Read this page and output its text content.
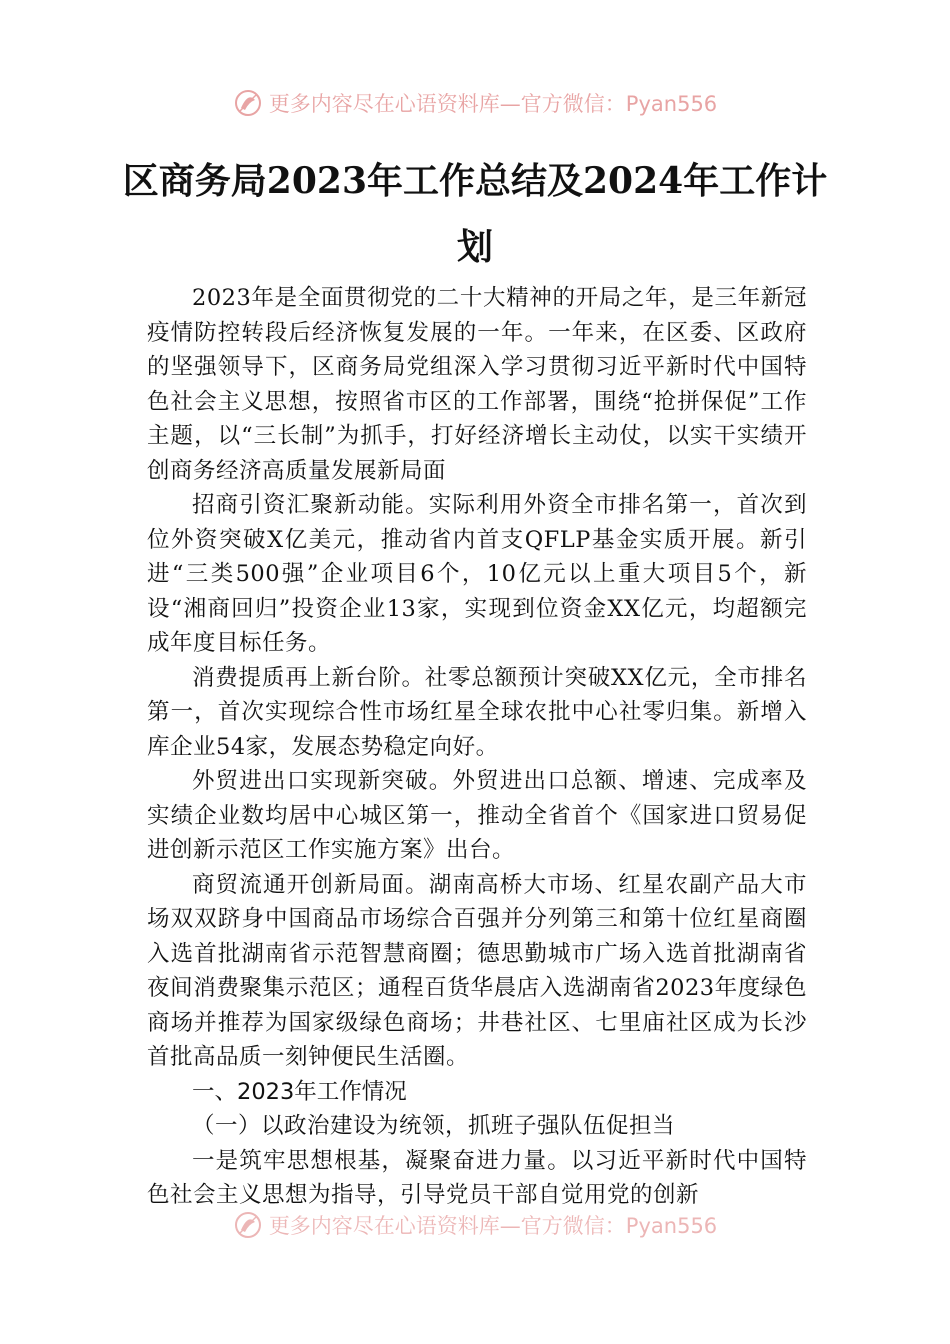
更多内容尽在心语资料库—官方微信：Pyan556
区商务局2023年工作总结及2024年工作计划

2023年是全面贯彻党的二十大精神的开局之年，是三年新冠疫情防控转段后经济恢复发展的一年。一年来，在区委、区政府的坚强领导下，区商务局党组深入学习贯彻习近平新时代中国特色社会主义思想，按照省市区的工作部署，围绕“抢拼保促”工作主题，以“三长制”为抓手，打好经济增长主动仗，以实干实绩开创商务经济高质量发展新局面

招商引资汇聚新动能。实际利用外资全市排名第一，首次到位外资突破X亿美元，推动省内首支QFLP基金实质开展。新引进“三类500强”企业项目6个，10亿元以上重大项目5个，新设“湘商回归”投资企业13家，实现到位资金XX亿元，均超额完成年度目标任务。

消费提质再上新台阶。社零总额预计突破XX亿元，全市排名第一，首次实现综合性市场红星全球农批中心社零归集。新增入库企业54家，发展态势稳定向好。

外贸进出口实现新突破。外贸进出口总额、增速、完成率及实绩企业数均居中心城区第一，推动全省首个《国家进口贸易促进创新示范区工作实施方案》出台。

商贸流通开创新局面。湖南高桥大市场、红星农副产品大市场双双跻身中国商品市场综合百强并分列第三和第十位红星商圈入选首批湖南省示范智慧商圈；德思勤城市广场入选首批湖南省夜间消费聚集示范区；通程百货华晨店入选湖南省2023年度绿色商场并推荐为国家级绿色商场；井巷社区、七里庙社区成为长沙首批高品质一刻钟便民生活圈。

一、2023年工作情况

（一）以政治建设为统领，抓班子强队伍促担当

一是筑牢思想根基，凝聚奋进力量。以习近平新时代中国特色社会主义思想为指导，引导党员干部自觉用党的创新

更多内容尽在心语资料库—官方微信：Pyan556
